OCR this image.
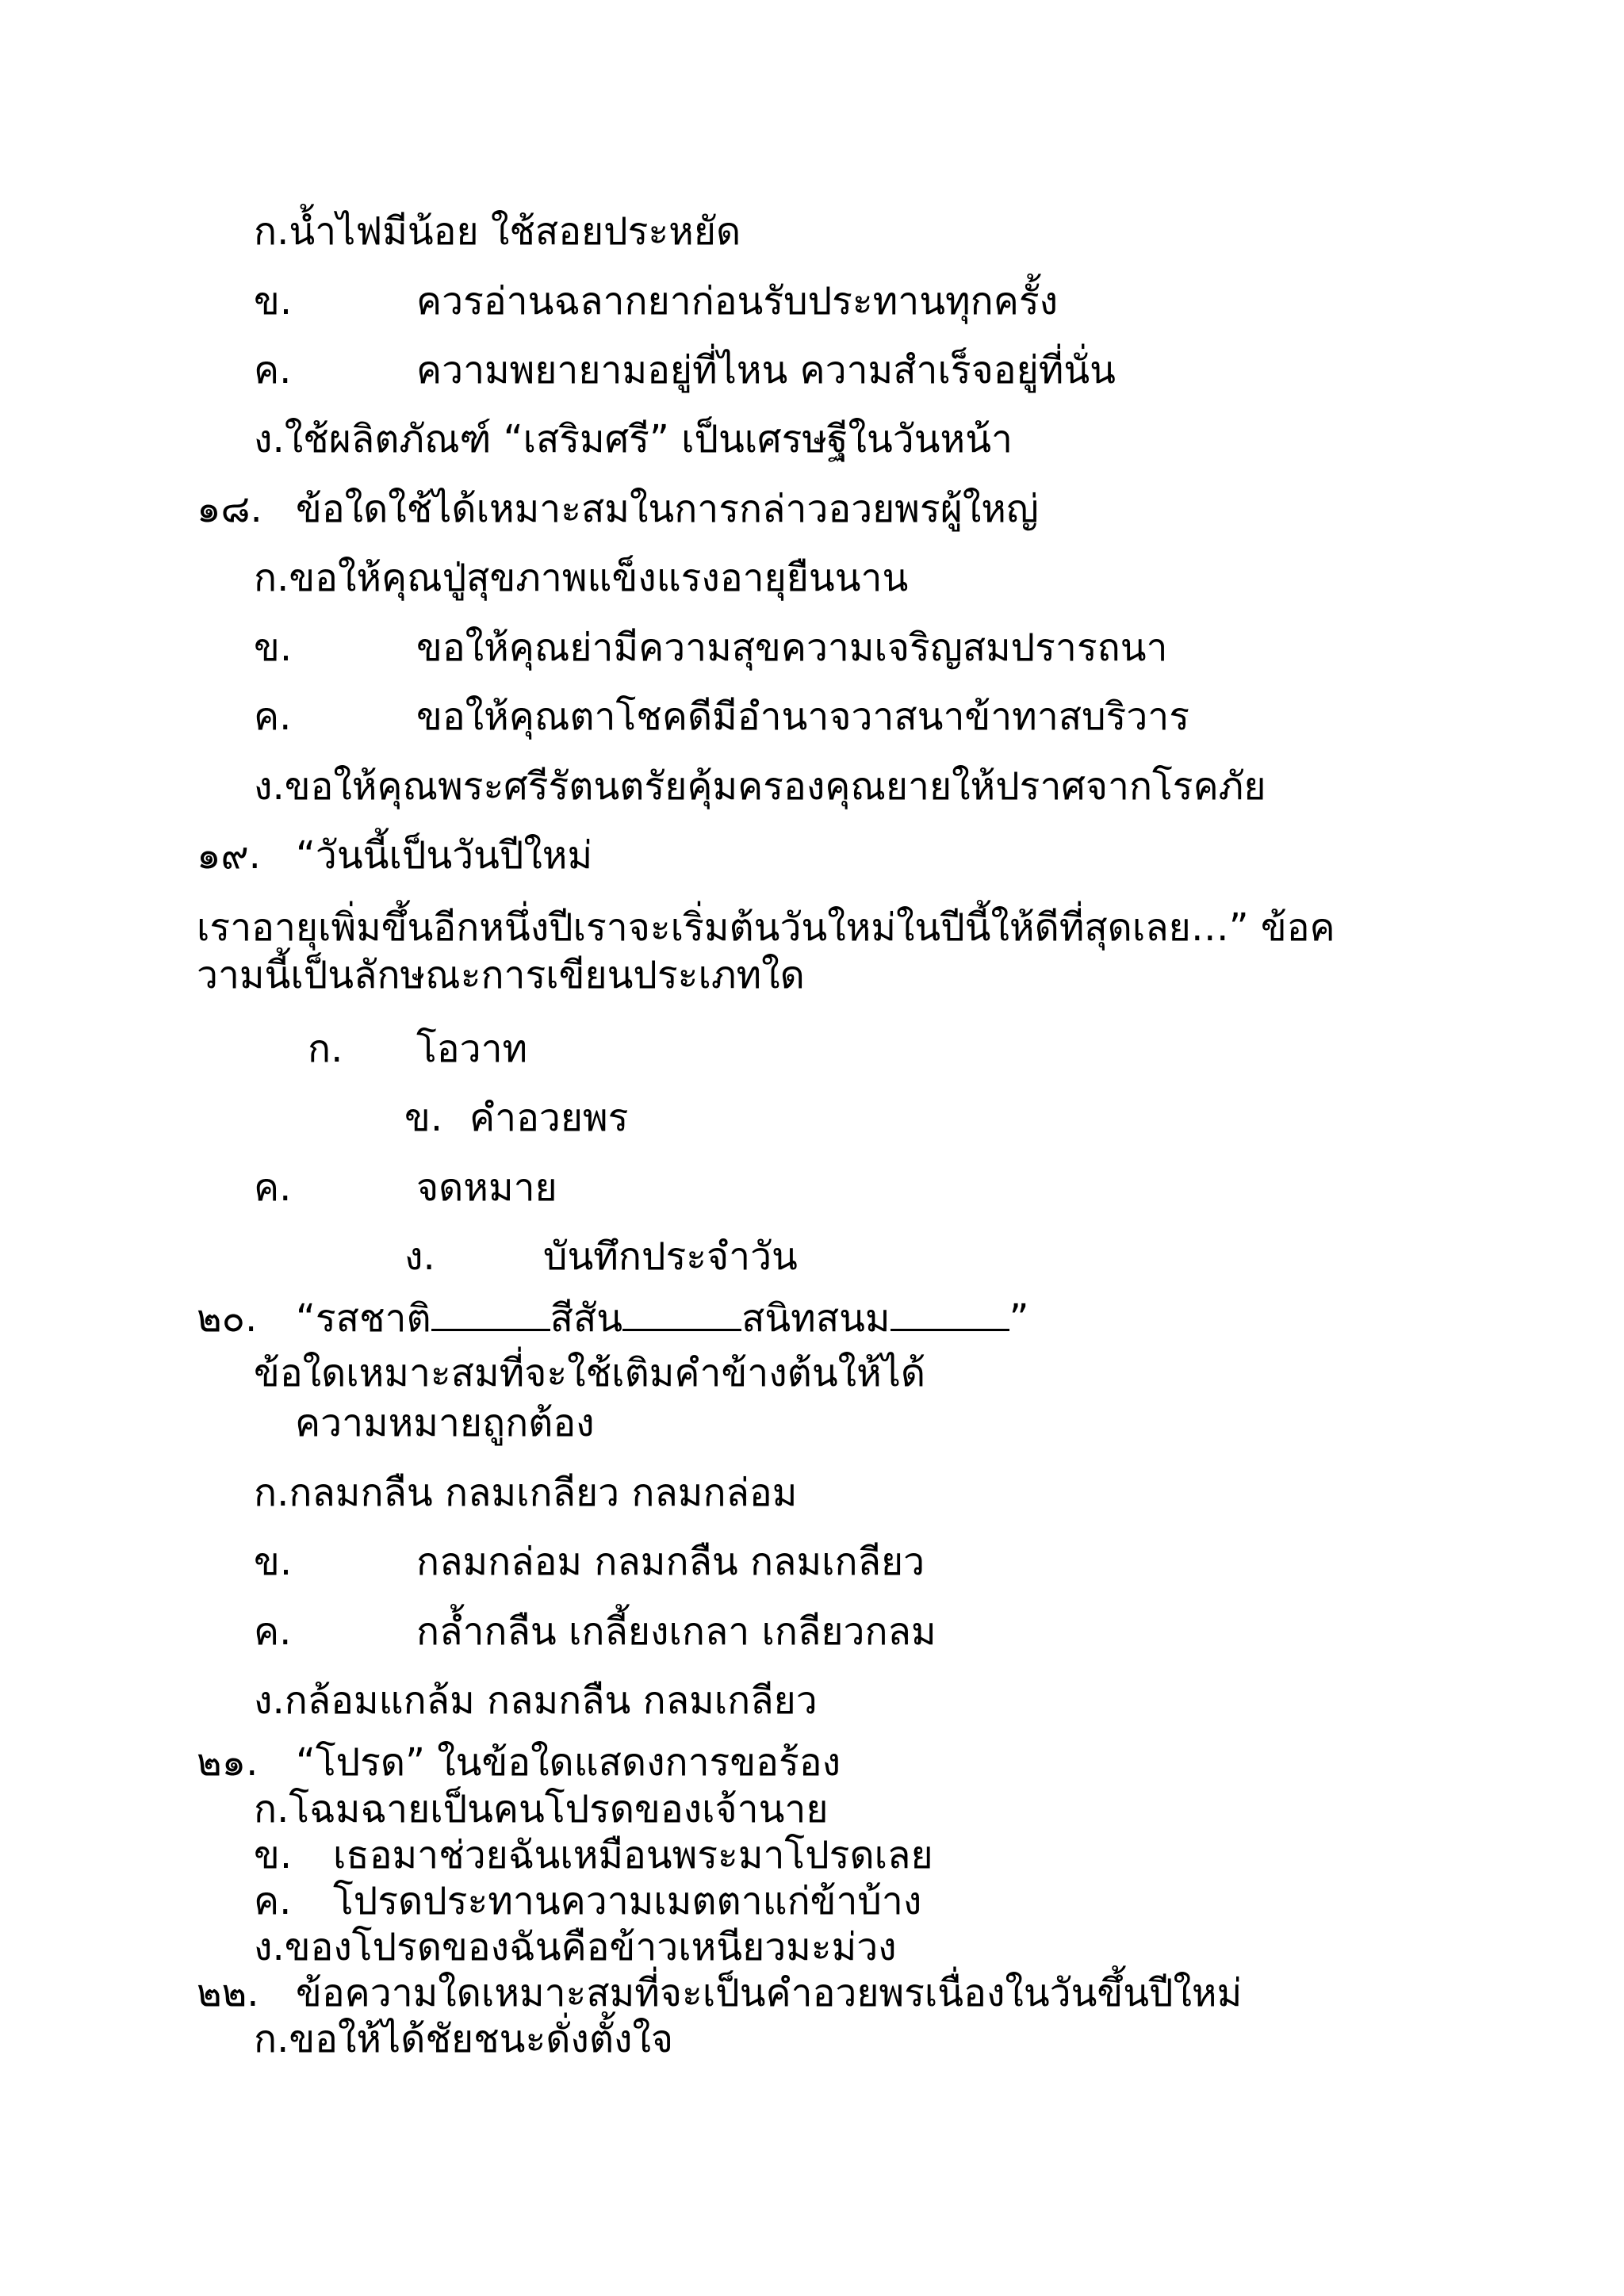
ก.น้ำไฟมีน้อย ใช้สอยประหยัด
ข.	ควรอ่านฉลากยาก่อนรับประทานทุกครั้ง
ค.	ความพยายามอยู่ที่ไหน ความสำเร็จอยู่ที่นั่น
ง.ใช้ผลิตภัณฑ์ “เสริมศรี” เป็นเศรษฐีในวันหน้า
๑๘. ข้อใดใช้ได้เหมาะสมในการกล่าวอวยพรผู้ใหญ่
ก.ขอให้คุณปู่สุขภาพแข็งแรงอายุยืนนาน
ข.	ขอให้คุณย่ามีความสุขความเจริญสมปรารถนา
ค.	ขอให้คุณตาโชคดีมีอำนาจวาสนาข้าทาสบริวาร
ง.ขอให้คุณพระศรีรัตนตรัยคุ้มครองคุณยายให้ปราศจากโรคภัย
๑๙. “วันนี้เป็นวันปีใหม่
เราอายุเพิ่มขึ้นอีกหนึ่งปีเราจะเริ่มต้นวันใหม่ในปีนี้ให้ดีที่สุดเลย…” ข้อค
วามนี้เป็นลักษณะการเขียนประเภทใด
ก. โอวาท
ข. คำอวยพร
ค.	จดหมาย
ง.	บันทึกประจำวัน
๒๐. “รสชาติ	สีสัน	สนิทสนม	”
ข้อใดเหมาะสมที่จะใช้เติมคำข้างต้นให้ได้
ความหมายถูกต้อง
ก.กลมกลืน กลมเกลียว กลมกล่อม
ข.	กลมกล่อม กลมกลืน กลมเกลียว
ค.	กล้ำกลืน เกลี้ยงเกลา เกลียวกลม
ง.กล้อมแกล้ม กลมกลืน กลมเกลียว
๒๑. “โปรด” ในข้อใดแสดงการขอร้อง
ก.โฉมฉายเป็นคนโปรดของเจ้านาย
ข. เธอมาช่วยฉันเหมือนพระมาโปรดเลย
ค. โปรดประทานความเมตตาแก่ข้าบ้าง
ง.ของโปรดของฉันคือข้าวเหนียวมะม่วง
๒๒. ข้อความใดเหมาะสมที่จะเป็นคำอวยพรเนื่องในวันขึ้นปีใหม่
ก.ขอให้ได้ชัยชนะดั่งตั้งใจ
